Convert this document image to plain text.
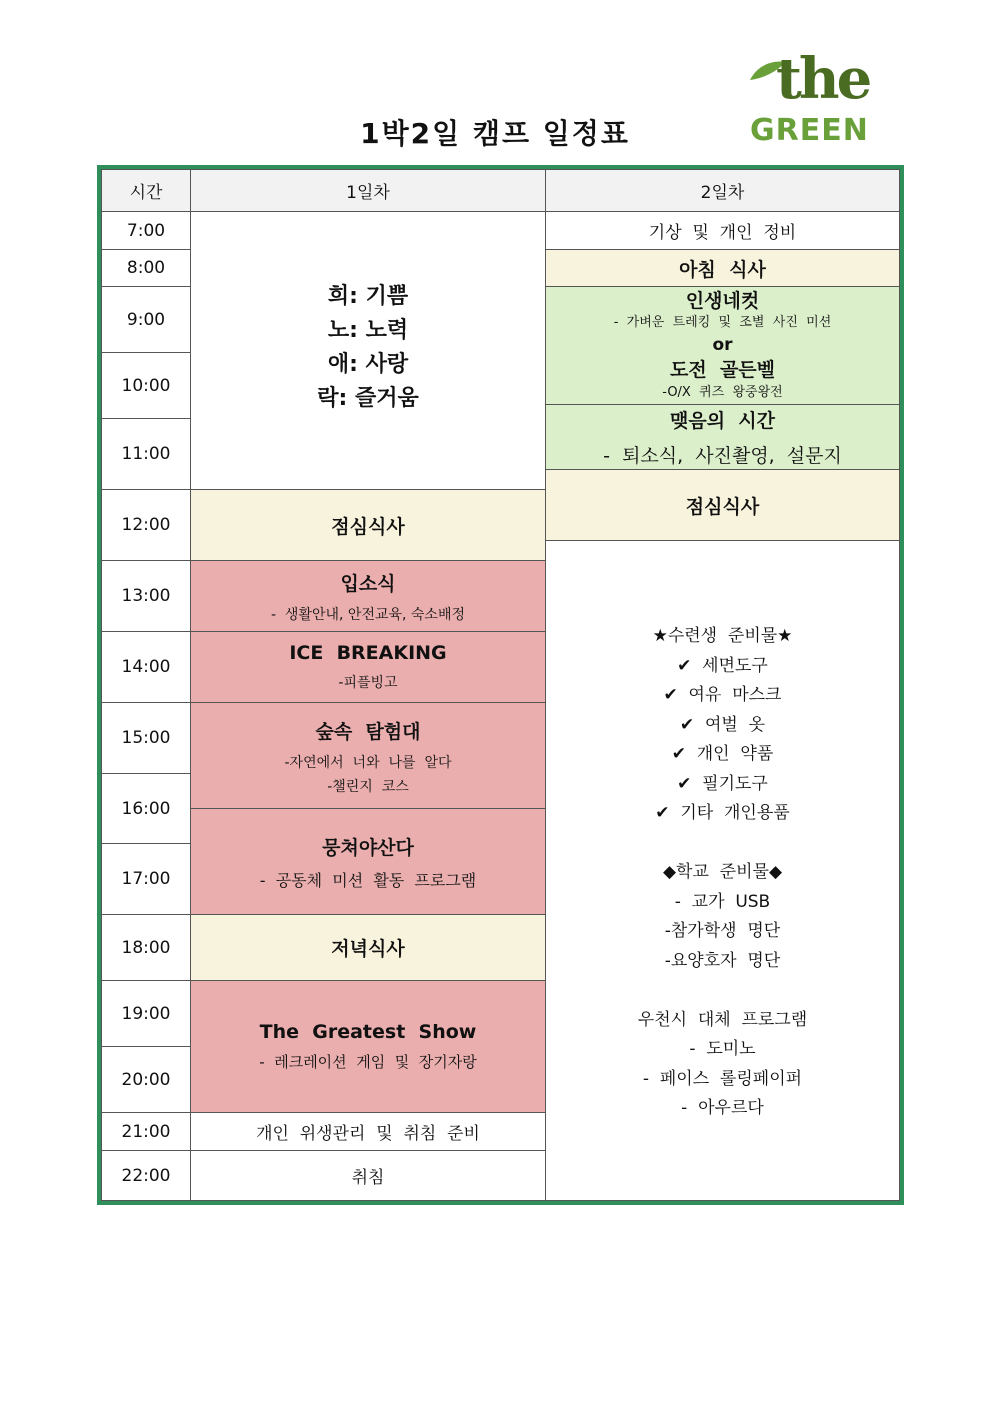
1박2일 캠프 일정표
the
GREEN
시간	1일차	2일차
7:00
8:00
9:00
10:00
11:00
12:00
13:00
14:00
15:00
16:00
17:00
18:00
19:00
20:00
21:00
22:00
희: 기쁨
노: 노력
애: 사랑
락: 즐거움
점심식사
입소식
-  생활안내, 안전교육, 숙소배정
ICE  BREAKING
-피플빙고
숲속  탐험대
-자연에서  너와  나를  알다
-챌린지  코스
뭉쳐야산다
-  공동체  미션  활동  프로그램
저녁식사
The  Greatest  Show
-  레크레이션  게임  및  장기자랑
개인  위생관리  및  취침  준비
취침
기상  및  개인  정비
아침  식사
인생네컷
-  가벼운  트레킹  및  조별  사진  미션
or
도전  골든벨
-O/X  퀴즈  왕중왕전
맺음의  시간
-  퇴소식,  사진촬영,  설문지
점심식사
★수련생  준비물★
✔  세면도구
✔  여유  마스크
✔  여벌  옷
✔  개인  약품
✔  필기도구
✔  기타  개인용품
◆학교  준비물◆
-  교가  USB
-참가학생  명단
-요양호자  명단
우천시  대체  프로그램
-  도미노
-  페이스  롤링페이퍼
-  아우르다
